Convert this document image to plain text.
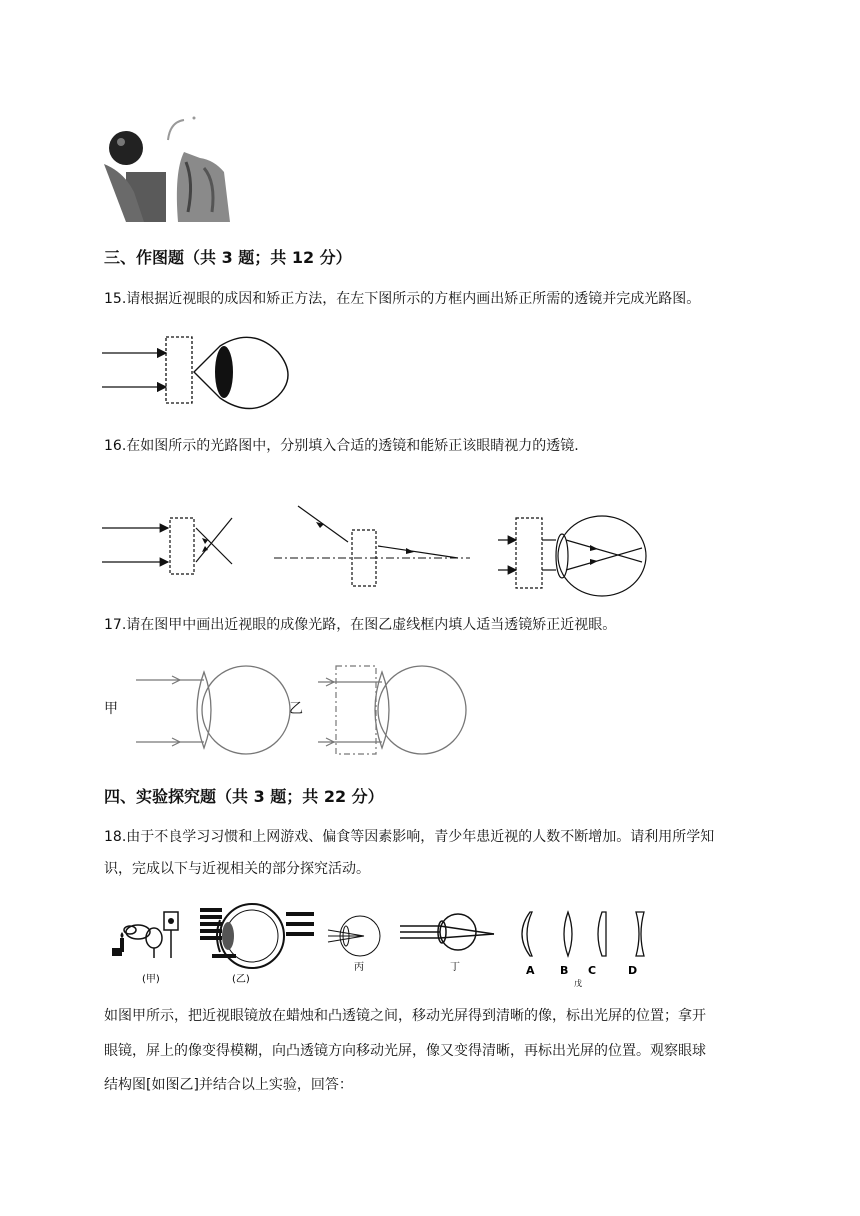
三、作图题（共 3 题；共 12 分）
15.请根据近视眼的成因和矫正方法，在左下图所示的方框内画出矫正所需的透镜并完成光路图。
16.在如图所示的光路图中，分别填入合适的透镜和能矫正该眼睛视力的透镜.
17.请在图甲中画出近视眼的成像光路，在图乙虚线框内填人适当透镜矫正近视眼。
甲	乙
四、实验探究题（共 3 题；共 22 分）
18.由于不良学习习惯和上网游戏、偏食等因素影响，青少年患近视的人数不断增加。请利用所学知
识，完成以下与近视相关的部分探究活动。
(甲)	(乙)
丙	丁	A B C	D
戊
如图甲所示，把近视眼镜放在蜡烛和凸透镜之间，移动光屏得到清晰的像，标出光屏的位置；拿开
眼镜，屏上的像变得模糊，向凸透镜方向移动光屏，像又变得清晰，再标出光屏的位置。观察眼球
结构图[如图乙]并结合以上实验，回答：
